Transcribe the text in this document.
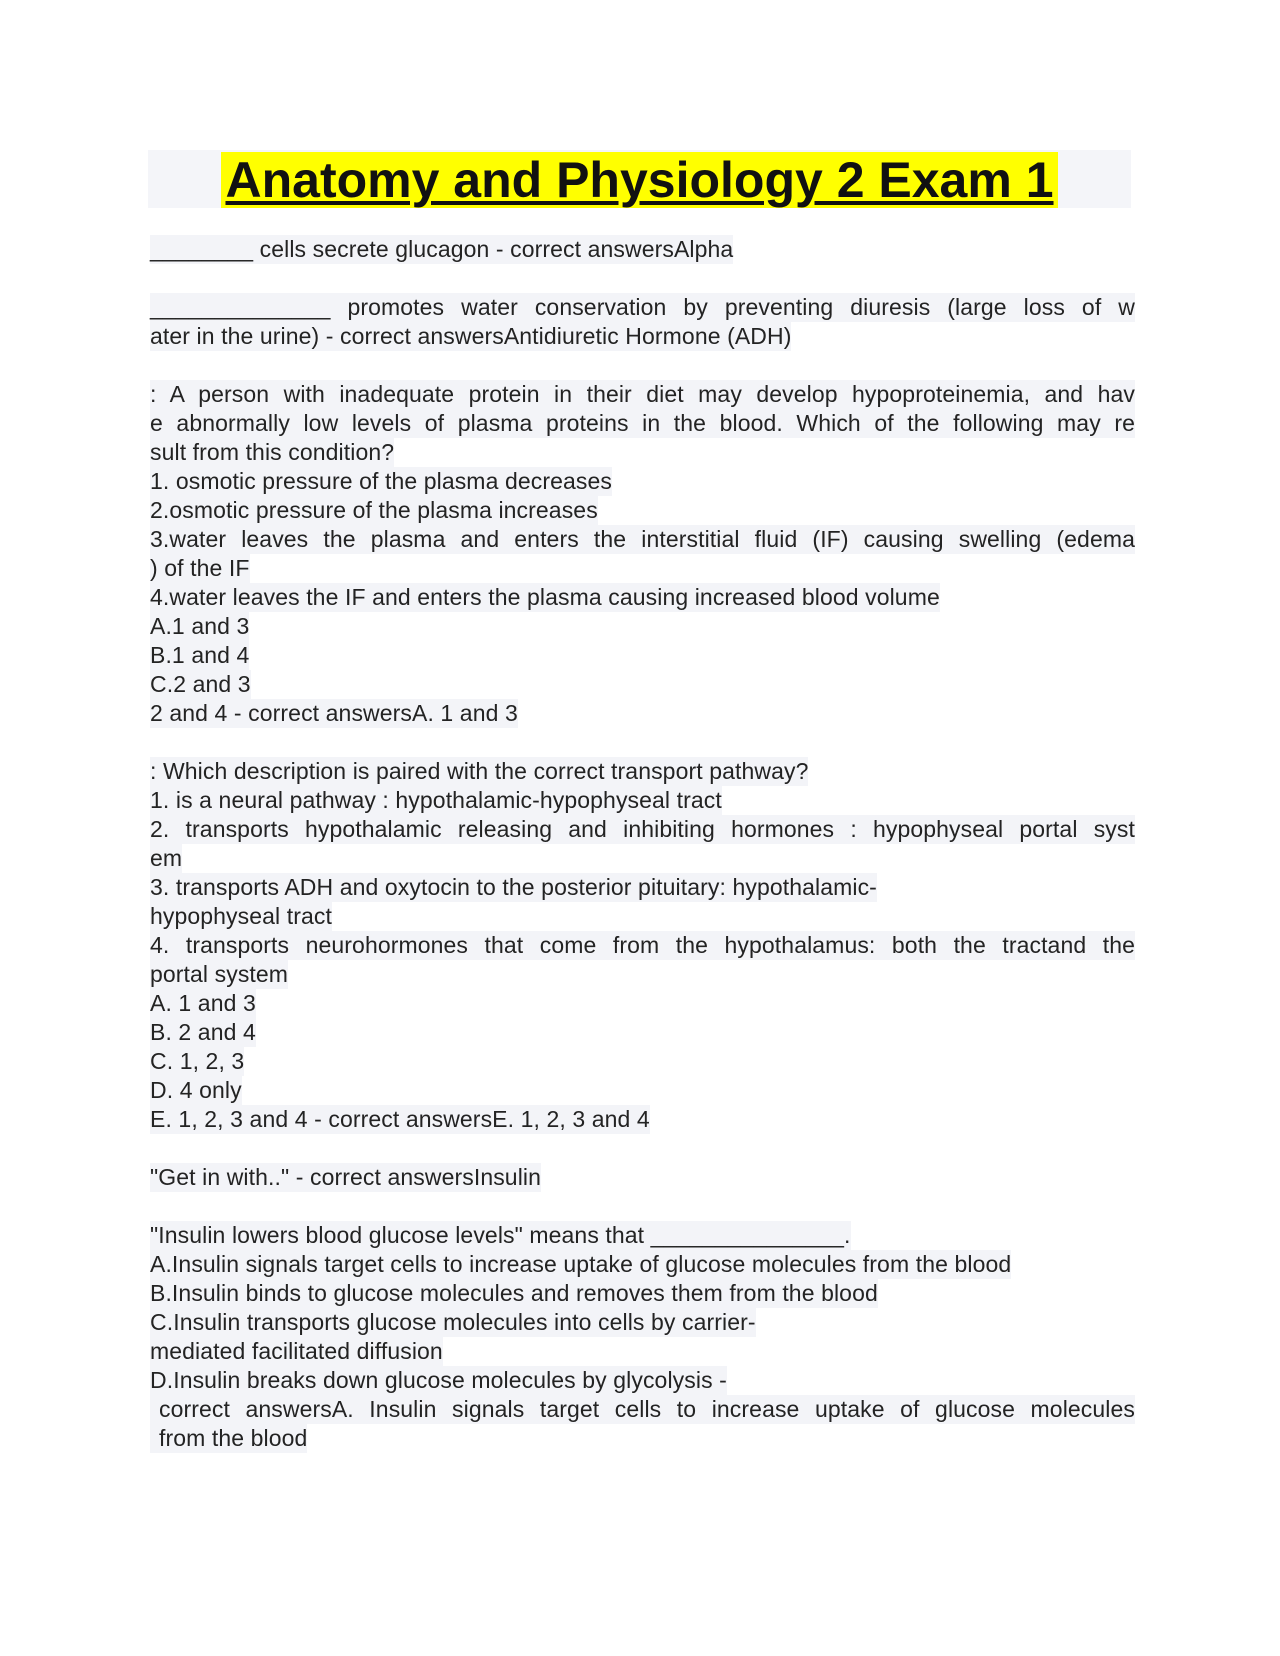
Anatomy and Physiology 2 Exam 1
________ cells secrete glucagon - correct answersAlpha
______________ promotes water conservation by preventing diuresis (large loss of w
ater in the urine) - correct answersAntidiuretic Hormone (ADH)
: A person with inadequate protein in their diet may develop hypoproteinemia, and hav
e abnormally low levels of plasma proteins in the blood. Which of the following may re
sult from this condition?
1. osmotic pressure of the plasma decreases
2.osmotic pressure of the plasma increases
3.water leaves the plasma and enters the interstitial fluid (IF) causing swelling (edema
) of the IF
4.water leaves the IF and enters the plasma causing increased blood volume
A.1 and 3
B.1 and 4
C.2 and 3
2 and 4 - correct answersA. 1 and 3
: Which description is paired with the correct transport pathway?
1. is a neural pathway : hypothalamic-hypophyseal tract
2. transports hypothalamic releasing and inhibiting hormones : hypophyseal portal syst
em
3. transports ADH and oxytocin to the posterior pituitary: hypothalamic-
hypophyseal tract
4. transports neurohormones that come from the hypothalamus: both the tractand the
portal system
A. 1 and 3
B. 2 and 4
C. 1, 2, 3
D. 4 only
E. 1, 2, 3 and 4 - correct answersE. 1, 2, 3 and 4
"Get in with.." - correct answersInsulin
"Insulin lowers blood glucose levels" means that _______________.
A.Insulin signals target cells to increase uptake of glucose molecules from the blood
B.Insulin binds to glucose molecules and removes them from the blood
C.Insulin transports glucose molecules into cells by carrier-
mediated facilitated diffusion
D.Insulin breaks down glucose molecules by glycolysis -
correct answersA. Insulin signals target cells to increase uptake of glucose molecules
from the blood
